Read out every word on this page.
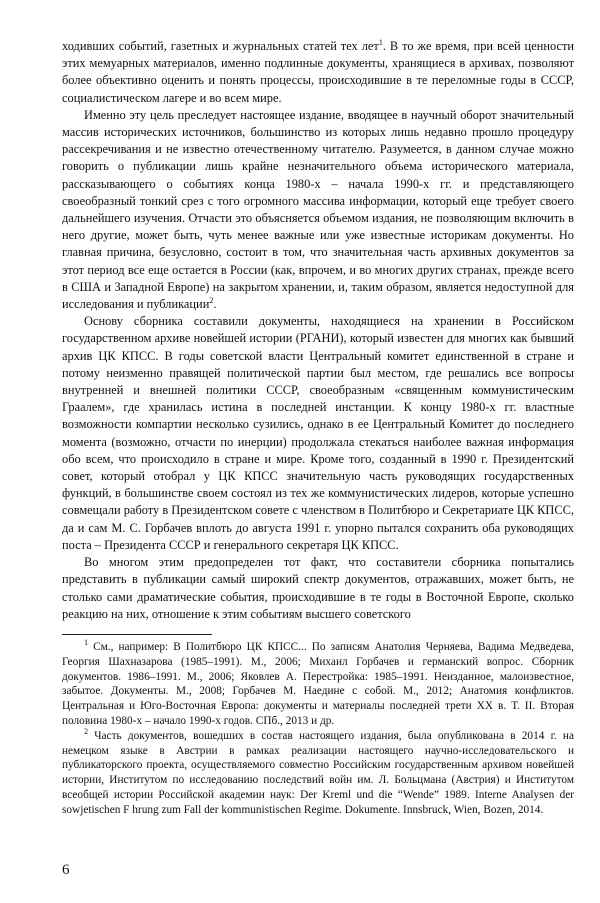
ходивших событий, газетных и журнальных статей тех лет$^1$. В то же время, при всей ценности этих мемуарных материалов, именно подлинные документы, хранящиеся в архивах, позволяют более объективно оценить и понять процессы, происходившие в те переломные годы в СССР, социалистическом лагере и во всем мире.

Именно эту цель преследует настоящее издание, вводящее в научный оборот значительный массив исторических источников, большинство из которых лишь недавно прошло процедуру рассекречивания и не известно отечественному читателю. Разумеется, в данном случае можно говорить о публикации лишь крайне незначительного объема исторического материала, рассказывающего о событиях конца 1980-х – начала 1990-х гг. и представляющего своеобразный тонкий срез с того огромного массива информации, который еще требует своего дальнейшего изучения. Отчасти это объясняется объемом издания, не позволяющим включить в него другие, может быть, чуть менее важные или уже известные историкам документы. Но главная причина, безусловно, состоит в том, что значительная часть архивных документов за этот период все еще остается в России (как, впрочем, и во многих других странах, прежде всего в США и Западной Европе) на закрытом хранении, и, таким образом, является недоступной для исследования и публикации$^2$.

Основу сборника составили документы, находящиеся на хранении в Российском государственном архиве новейшей истории (РГАНИ), который известен для многих как бывший архив ЦК КПСС. В годы советской власти Центральный комитет единственной в стране и потому неизменно правящей политической партии был местом, где решались все вопросы внутренней и внешней политики СССР, своеобразным «священным коммунистическим Граалем», где хранилась истина в последней инстанции. К концу 1980-х гг. властные возможности компартии несколько сузились, однако в ее Центральный Комитет до последнего момента (возможно, отчасти по инерции) продолжала стекаться наиболее важная информация обо всем, что происходило в стране и мире. Кроме того, созданный в 1990 г. Президентский совет, который отобрал у ЦК КПСС значительную часть руководящих государственных функций, в большинстве своем состоял из тех же коммунистических лидеров, которые успешно совмещали работу в Президентском совете с членством в Политбюро и Секретариате ЦК КПСС, да и сам М. С. Горбачев вплоть до августа 1991 г. упорно пытался сохранить оба руководящих поста – Президента СССР и генерального секретаря ЦК КПСС.

Во многом этим предопределен тот факт, что составители сборника попытались представить в публикации самый широкий спектр документов, отражавших, может быть, не столько сами драматические события, происходившие в те годы в Восточной Европе, сколько реакцию на них, отношение к этим событиям высшего советского

$^1$ См., например: В Политбюро ЦК КПСС... По записям Анатолия Черняева, Вадима Медведева, Георгия Шахназарова (1985–1991). М., 2006; Михаил Горбачев и германский вопрос. Сборник документов. 1986–1991. М., 2006; Яковлев А. Перестройка: 1985–1991. Неизданное, малоизвестное, забытое. Документы. М., 2008; Горбачев М. Наедине с собой. М., 2012; Анатомия конфликтов. Центральная и Юго-Восточная Европа: документы и материалы последней трети XX в. Т. II. Вторая половина 1980-х – начало 1990-х годов. СПб., 2013 и др.

$^2$ Часть документов, вошедших в состав настоящего издания, была опубликована в 2014 г. на немецком языке в Австрии в рамках реализации настоящего научно-исследовательского и публикаторского проекта, осуществляемого совместно Российским государственным архивом новейшей истории, Институтом по исследованию последствий войн им. Л. Больцмана (Австрия) и Институтом всеобщей истории Российской академии наук: Der Kreml und die “Wende” 1989. Interne Analysen der sowjetischen F hrung zum Fall der kommunistischen Regime. Dokumente. Innsbruck, Wien, Bozen, 2014.

6
